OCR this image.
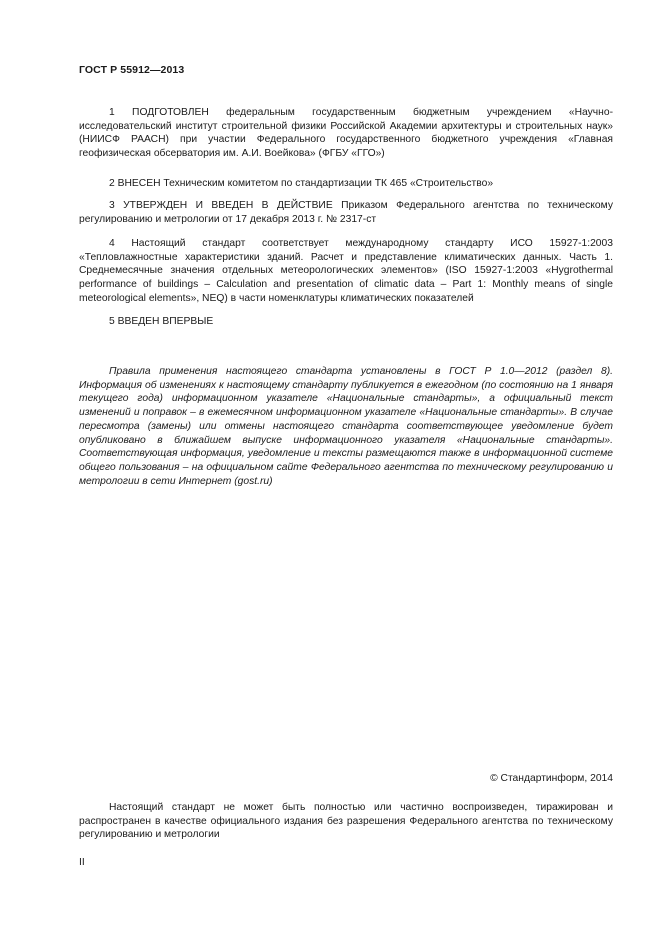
ГОСТ Р 55912—2013

1 ПОДГОТОВЛЕН федеральным государственным бюджетным учреждением «Научно-исследовательский институт строительной физики Российской Академии архитектуры и строительных наук» (НИИСФ РААСН) при участии Федерального государственного бюджетного учреждения «Главная геофизическая обсерватория им. А.И. Воейкова» (ФГБУ «ГГО»)

2 ВНЕСЕН Техническим комитетом по стандартизации ТК 465 «Строительство»

3 УТВЕРЖДЕН И ВВЕДЕН В ДЕЙСТВИЕ Приказом Федерального агентства по техническому регулированию и метрологии от 17 декабря 2013 г. № 2317-ст

4 Настоящий стандарт соответствует международному стандарту ИСО 15927-1:2003 «Тепловлажностные характеристики зданий. Расчет и представление климатических данных. Часть 1. Среднемесячные значения отдельных метеорологических элементов» (ISO 15927-1:2003 «Hygrothermal performance of buildings – Calculation and presentation of climatic data – Part 1: Monthly means of single meteorological elements», NEQ) в части номенклатуры климатических показателей

5 ВВЕДЕН ВПЕРВЫЕ

Правила применения настоящего стандарта установлены в ГОСТ Р 1.0—2012 (раздел 8). Информация об изменениях к настоящему стандарту публикуется в ежегодном (по состоянию на 1 января текущего года) информационном указателе «Национальные стандарты», а официальный текст изменений и поправок – в ежемесячном информационном указателе «Национальные стандарты». В случае пересмотра (замены) или отмены настоящего стандарта соответствующее уведомление будет опубликовано в ближайшем выпуске информационного указателя «Национальные стандарты». Соответствующая информация, уведомление и тексты размещаются также в информационной системе общего пользования – на официальном сайте Федерального агентства по техническому регулированию и метрологии в сети Интернет (gost.ru)

© Стандартинформ, 2014

Настоящий стандарт не может быть полностью или частично воспроизведен, тиражирован и распространен в качестве официального издания без разрешения Федерального агентства по техническому регулированию и метрологии

II
